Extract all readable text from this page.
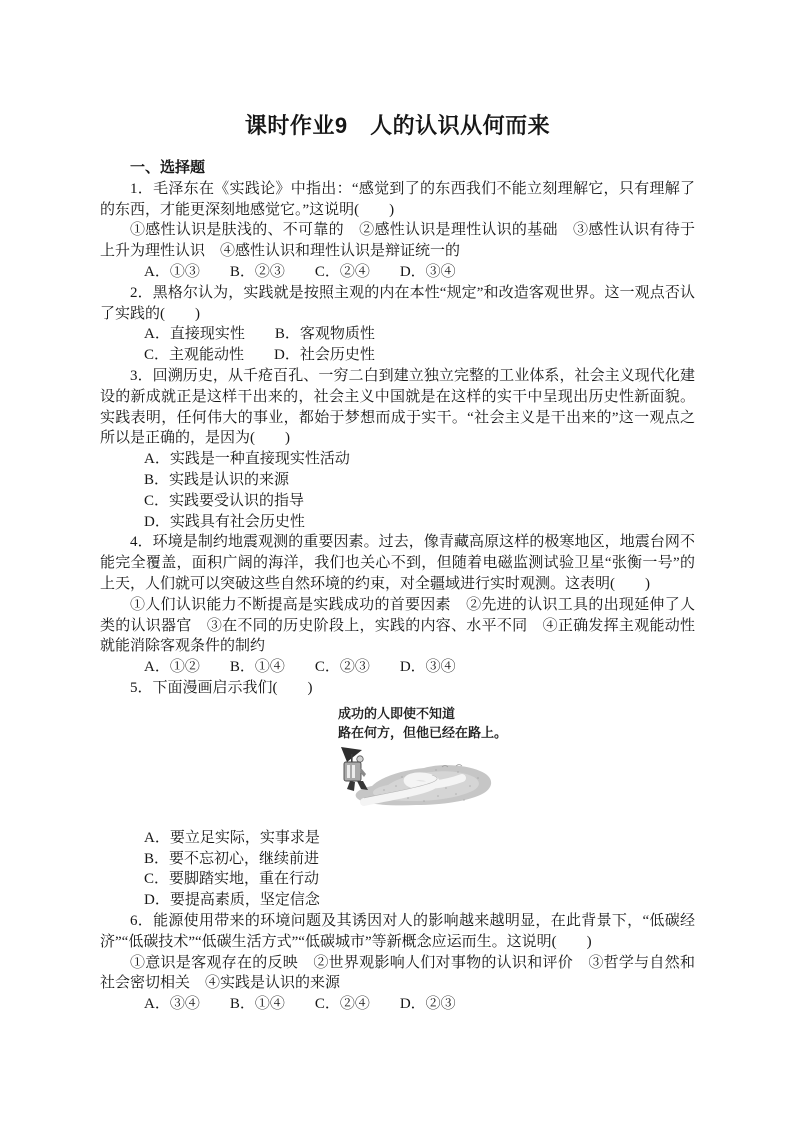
课时作业9　人的认识从何而来

一、选择题

1．毛泽东在《实践论》中指出：“感觉到了的东西我们不能立刻理解它，只有理解了的东西，才能更深刻地感觉它。”这说明(　　)

①感性认识是肤浅的、不可靠的　②感性认识是理性认识的基础　③感性认识有待于上升为理性认识　④感性认识和理性认识是辩证统一的

A．①③　　B．②③　　C．②④　　D．③④

2．黑格尔认为，实践就是按照主观的内在本性“规定”和改造客观世界。这一观点否认了实践的(　　)

A．直接现实性　　B．客观物质性

C．主观能动性　　D．社会历史性

3．回溯历史，从千疮百孔、一穷二白到建立独立完整的工业体系，社会主义现代化建设的新成就正是这样干出来的，社会主义中国就是在这样的实干中呈现出历史性新面貌。实践表明，任何伟大的事业，都始于梦想而成于实干。“社会主义是干出来的”这一观点之所以是正确的，是因为(　　)

A．实践是一种直接现实性活动

B．实践是认识的来源

C．实践要受认识的指导

D．实践具有社会历史性

4．环境是制约地震观测的重要因素。过去，像青藏高原这样的极寒地区，地震台网不能完全覆盖，面积广阔的海洋，我们也关心不到，但随着电磁监测试验卫星“张衡一号”的上天，人们就可以突破这些自然环境的约束，对全疆域进行实时观测。这表明(　　)

①人们认识能力不断提高是实践成功的首要因素　②先进的认识工具的出现延伸了人类的认识器官　③在不同的历史阶段上，实践的内容、水平不同　④正确发挥主观能动性就能消除客观条件的制约

A．①②　　B．①④　　C．②③　　D．③④

5．下面漫画启示我们(　　)

成功的人即使不知道

路在何方，但他已经在路上。

A．要立足实际，实事求是

B．要不忘初心，继续前进

C．要脚踏实地，重在行动

D．要提高素质，坚定信念

6．能源使用带来的环境问题及其诱因对人的影响越来越明显，在此背景下，“低碳经济”“低碳技术”“低碳生活方式”“低碳城市”等新概念应运而生。这说明(　　)

①意识是客观存在的反映　②世界观影响人们对事物的认识和评价　③哲学与自然和社会密切相关　④实践是认识的来源

A．③④　　B．①④　　C．②④　　D．②③
